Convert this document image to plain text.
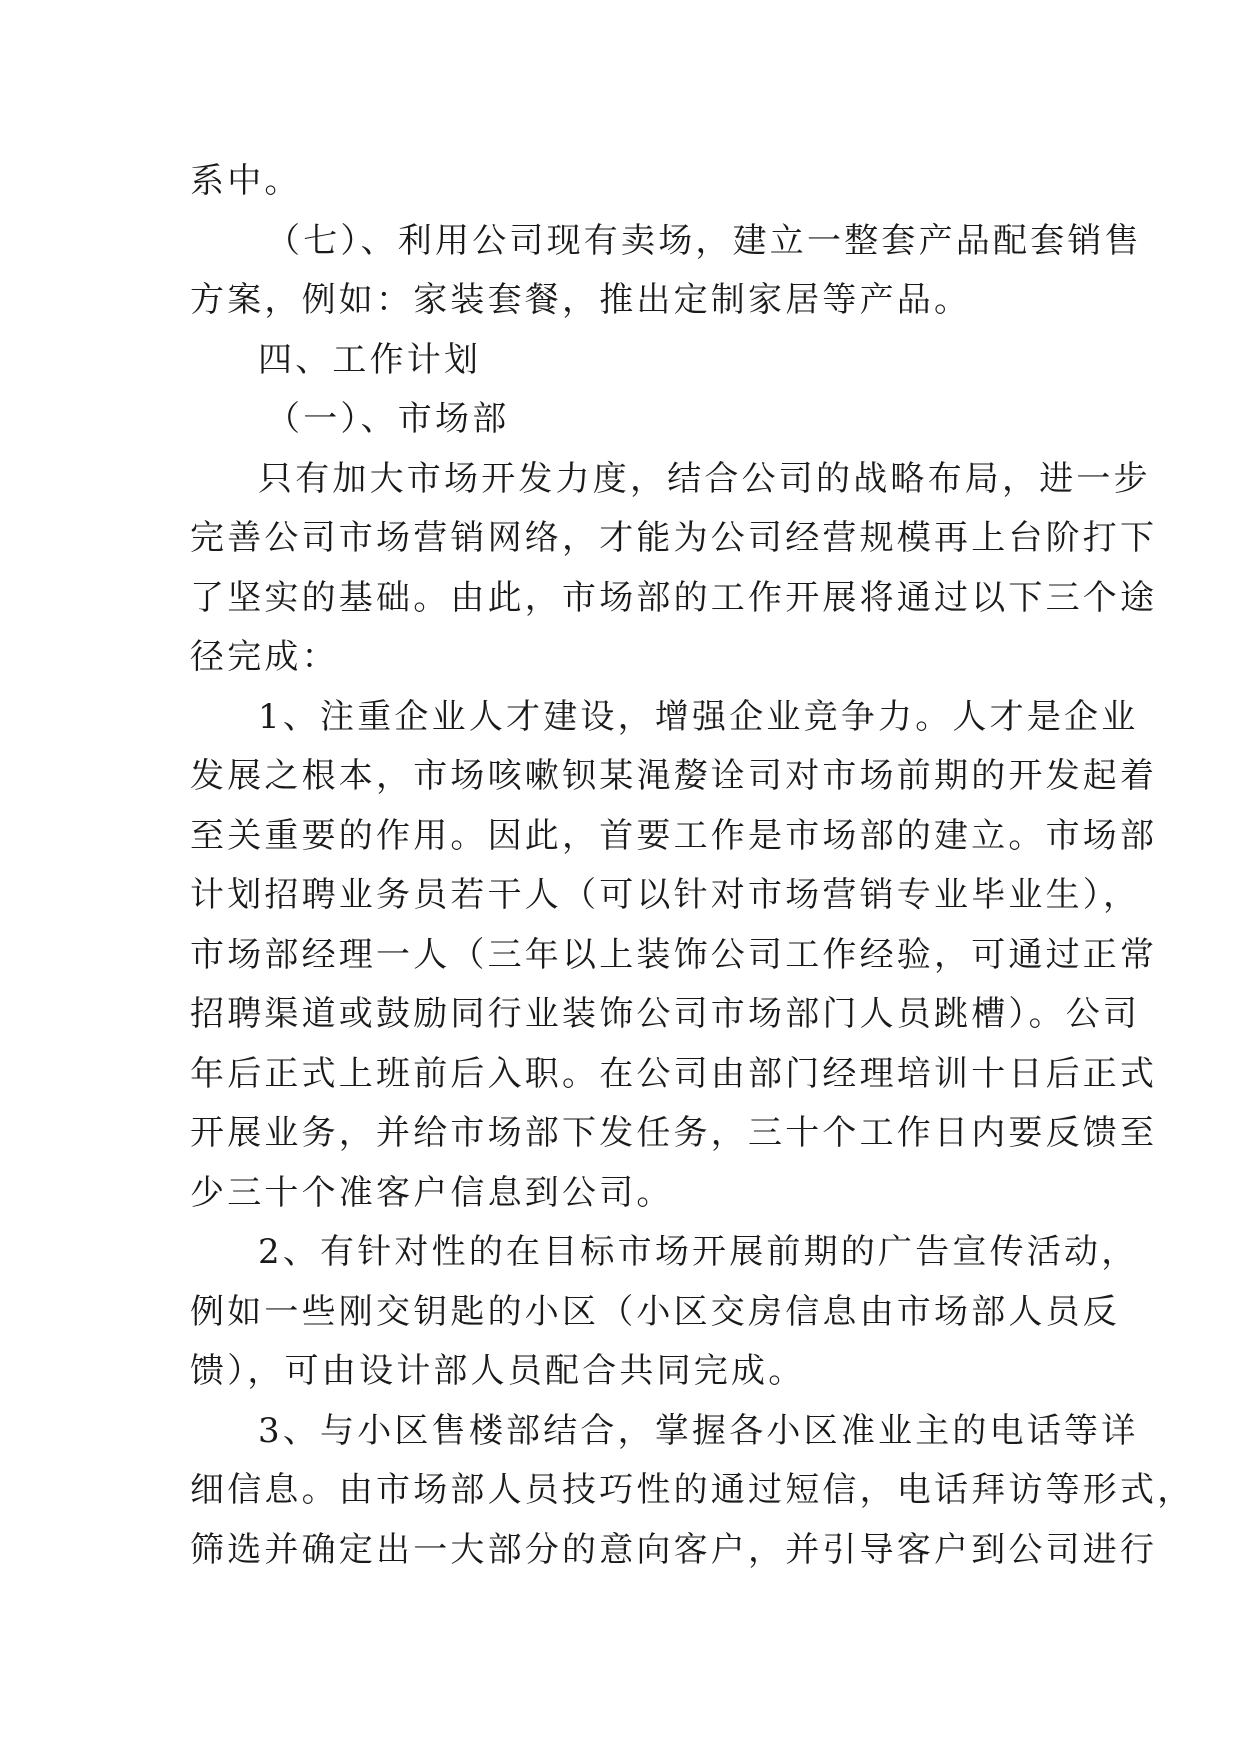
系中。
（七）、利用公司现有卖场，建立一整套产品配套销售
方案，例如：家装套餐，推出定制家居等产品。
四、工作计划
（一）、市场部
只有加大市场开发力度，结合公司的战略布局，进一步
完善公司市场营销网络，才能为公司经营规模再上台阶打下
了坚实的基础。由此，市场部的工作开展将通过以下三个途
径完成：
1、注重企业人才建设，增强企业竞争力。人才是企业
发展之根本，市场咳嗽钡某渑嫠诠司对市场前期的开发起着
至关重要的作用。因此，首要工作是市场部的建立。市场部
计划招聘业务员若干人（可以针对市场营销专业毕业生），
市场部经理一人（三年以上装饰公司工作经验，可通过正常
招聘渠道或鼓励同行业装饰公司市场部门人员跳槽）。公司
年后正式上班前后入职。在公司由部门经理培训十日后正式
开展业务，并给市场部下发任务，三十个工作日内要反馈至
少三十个准客户信息到公司。
2、有针对性的在目标市场开展前期的广告宣传活动，
例如一些刚交钥匙的小区（小区交房信息由市场部人员反
馈），可由设计部人员配合共同完成。
3、与小区售楼部结合，掌握各小区准业主的电话等详
细信息。由市场部人员技巧性的通过短信，电话拜访等形式，
筛选并确定出一大部分的意向客户，并引导客户到公司进行
